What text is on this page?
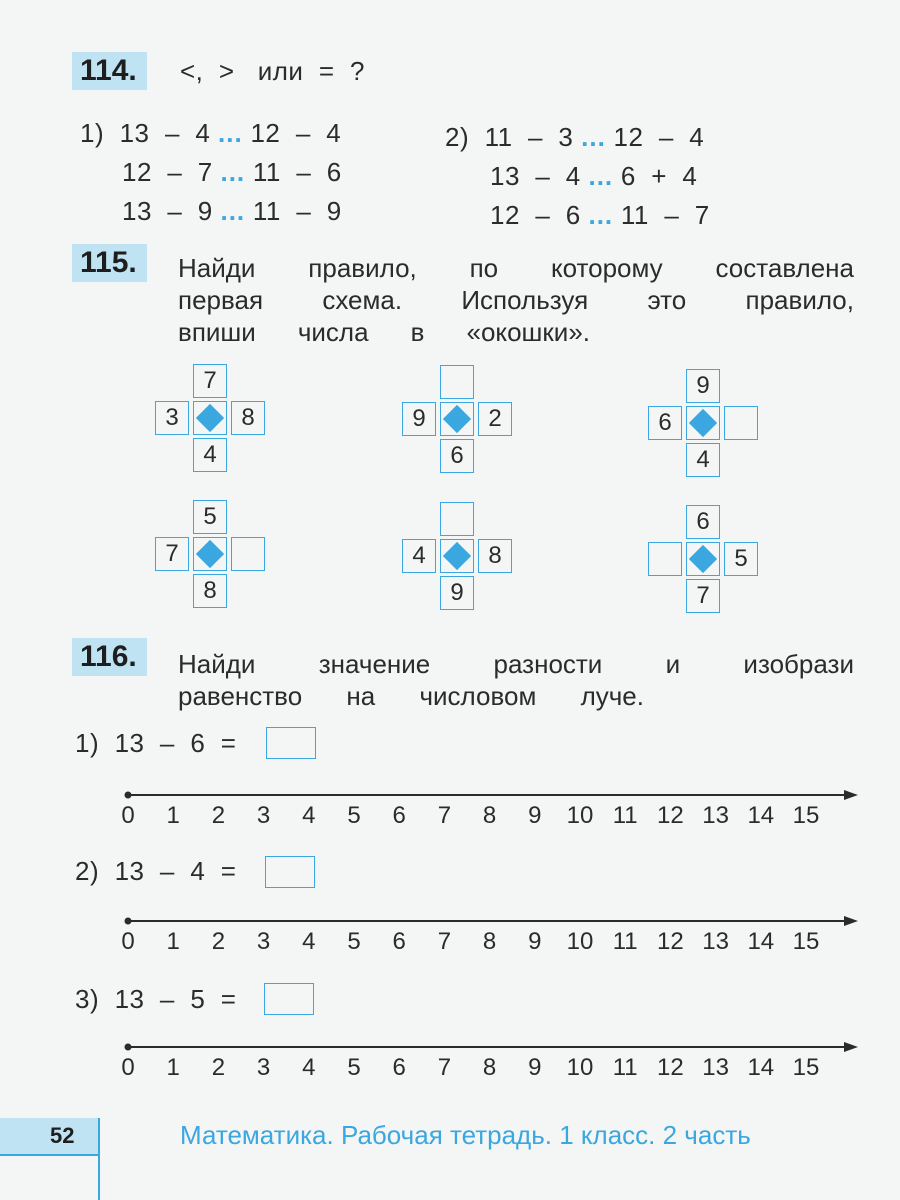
114.	<,  >   или  =  ?
1) 13  –  4 ... 12  –  4
12  –  7 ... 11  –  6
13  –  9 ... 11  –  9
2) 11  –  3 ... 12  –  4
13  –  4 ... 6  +  4
12  –  6 ... 11  –  7
115.	Найди правило, по которому составлена
первая схема. Используя это правило,
впиши числа в «окошки».
7
3	8
4
9	2
6
9
6
4
5
7
8
4	8
9
6
5
7
116.	Найди значение разности и изобрази
равенство на числовом луче.
1)  13  –  6  =
0 1 2 3 4 5 6 7 8 9 10 11 12 13 14 15
2)  13  –  4  =
0 1 2 3 4 5 6 7 8 9 10 11 12 13 14 15
3)  13  –  5  =
0 1 2 3 4 5 6 7 8 9 10 11 12 13 14 15
52	Математика. Рабочая тетрадь. 1 класс. 2 часть
